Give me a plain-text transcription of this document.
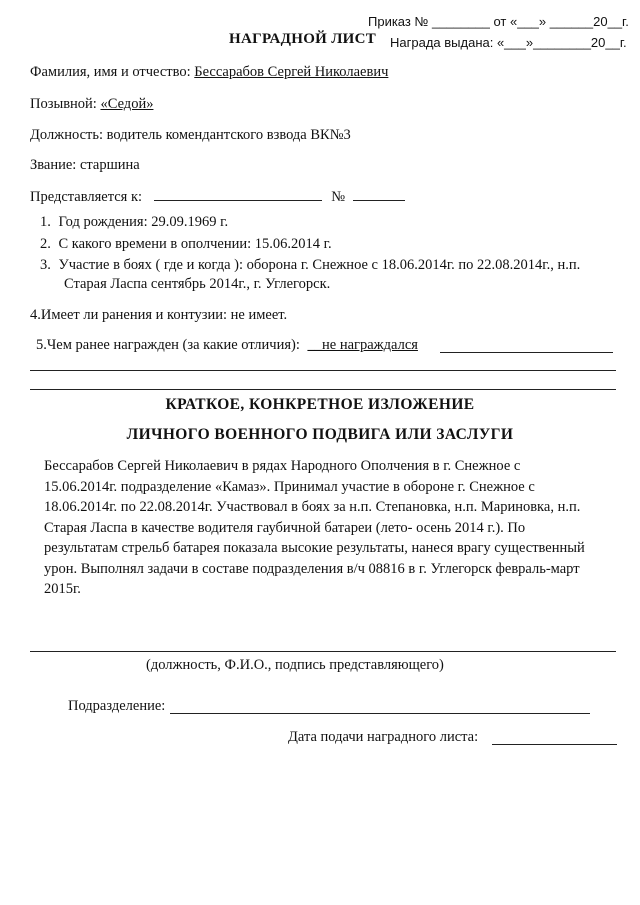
Приказ № ________ от «___» ______20__г.
НАГРАДНОЙ ЛИСТ Награда выдана: «___»________20__г.
Фамилия, имя и отчество: Бессарабов Сергей Николаевич
Позывной: «Седой»
Должность: водитель комендантского взвода ВК№3
Звание: старшина
Представляется к:	№
1. Год рождения: 29.09.1969 г.
2. С какого времени в ополчении: 15.06.2014 г.
3. Участие в боях ( где и когда ): оборона г. Снежное с 18.06.2014г. по 22.08.2014г., н.п.
Старая Ласпа сентябрь 2014г., г. Углегорск.
4.Имеет ли ранения и контузии: не имеет.
5.Чем ранее награжден (за какие отличия): __не награждался
КРАТКОЕ, КОНКРЕТНОЕ ИЗЛОЖЕНИЕ
ЛИЧНОГО ВОЕННОГО ПОДВИГА ИЛИ ЗАСЛУГИ

Бессарабов Сергей Николаевич в рядах Народного Ополчения в г. Снежное с

15.06.2014г. подразделение «Камаз». Принимал участие в обороне г. Снежное с

18.06.2014г. по 22.08.2014г. Участвовал в боях за н.п. Степановка, н.п. Мариновка, н.п.

Старая Ласпа в качестве водителя гаубичной батареи (лето- осень 2014 г.). По

результатам стрельб батарея показала высокие результаты, нанеся врагу существенный

урон. Выполнял задачи в составе подразделения в/ч 08816 в г. Углегорск февраль-март

2015г.

(должность, Ф.И.О., подпись представляющего)
Подразделение:
Дата подачи наградного листа:
